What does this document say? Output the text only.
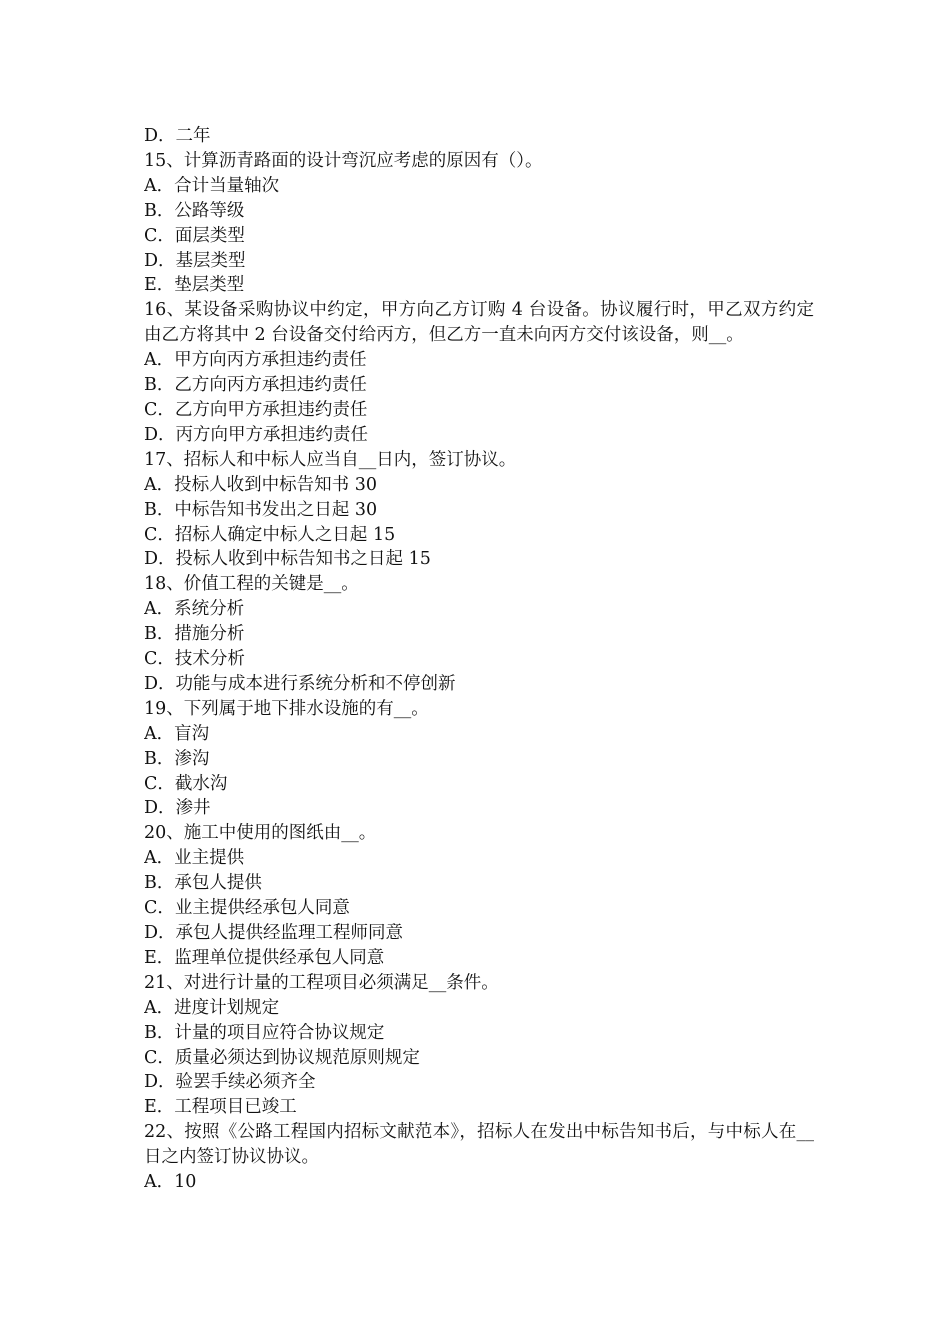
D．二年
15、计算沥青路面的设计弯沉应考虑的原因有（）。
A．合计当量轴次
B．公路等级
C．面层类型
D．基层类型
E．垫层类型
16、某设备采购协议中约定，甲方向乙方订购 4 台设备。协议履行时，甲乙双方约定由乙方将其中 2 台设备交付给丙方，但乙方一直未向丙方交付该设备，则__。
A．甲方向丙方承担违约责任
B．乙方向丙方承担违约责任
C．乙方向甲方承担违约责任
D．丙方向甲方承担违约责任
17、招标人和中标人应当自__日内，签订协议。
A．投标人收到中标告知书 30
B．中标告知书发出之日起 30
C．招标人确定中标人之日起 15
D．投标人收到中标告知书之日起 15
18、价值工程的关键是__。
A．系统分析
B．措施分析
C．技术分析
D．功能与成本进行系统分析和不停创新
19、下列属于地下排水设施的有__。
A．盲沟
B．渗沟
C．截水沟
D．渗井
20、施工中使用的图纸由__。
A．业主提供
B．承包人提供
C．业主提供经承包人同意
D．承包人提供经监理工程师同意
E．监理单位提供经承包人同意
21、对进行计量的工程项目必须满足__条件。
A．进度计划规定
B．计量的项目应符合协议规定
C．质量必须达到协议规范原则规定
D．验罢手续必须齐全
E．工程项目已竣工
22、按照《公路工程国内招标文献范本》，招标人在发出中标告知书后，与中标人在__日之内签订协议协议。
A．10
